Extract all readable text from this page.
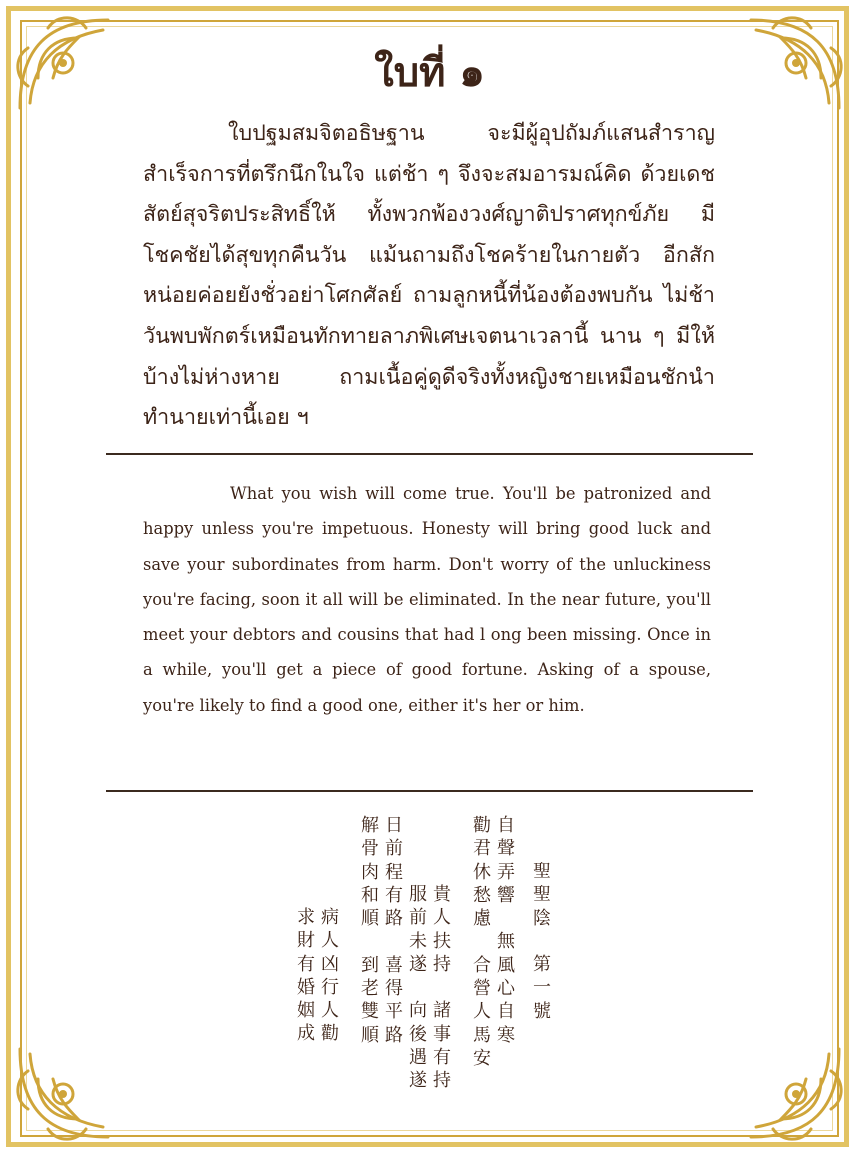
ใบที่ ๑

ใบปฐมสมจิตอธิษฐาน จะมีผู้อุปถัมภ์แสนสำราญ สำเร็จการที่ตรึกนึกในใจ แต่ช้า ๆ จึงจะสมอารมณ์คิด ด้วยเดชสัตย์สุจริตประสิทธิ์ให้ ทั้งพวกพ้องวงศ์ญาติปราศทุกข์ภัย มีโชคชัยได้สุขทุกคืนวัน แม้นถามถึงโชคร้ายในกายตัว อีกสักหน่อยค่อยยังชั่วอย่าโศกศัลย์ ถามลูกหนี้ที่น้องต้องพบกัน ไม่ช้าวันพบพักตร์เหมือนทักทายลาภพิเศษเจตนาเวลานี้ นาน ๆ มีให้บ้างไม่ห่างหาย ถามเนื้อคู่ดูดีจริงทั้งหญิงชายเหมือนชักนำทำนายเท่านี้เอย ฯ

What you wish will come true. You'll be patronized and happy unless you're impetuous. Honesty will bring good luck and save your subordinates from harm. Don't worry of the unluckiness you're facing, soon it all will be eliminated. In the near future, you'll meet your debtors and cousins that had l ong been missing. Once in a while, you'll get a piece of good fortune. Asking of a spouse, you're likely to find a good one, either it's her or him.

聖
聖
陰

第
一
號
自
聲
弄
響

無
風
心
自
寒
勸
君
休
愁
慮

合
營
人
馬
安
貴
人
扶
持

諸
事
有
持
服
前
未
遂

向
後
遇
遂
日
前
程
有
路

喜
得
平
路
解
骨
肉
和
順

到
老
雙
順
病
人
凶
行
人
勸
求
財
有
婚
姻
成
